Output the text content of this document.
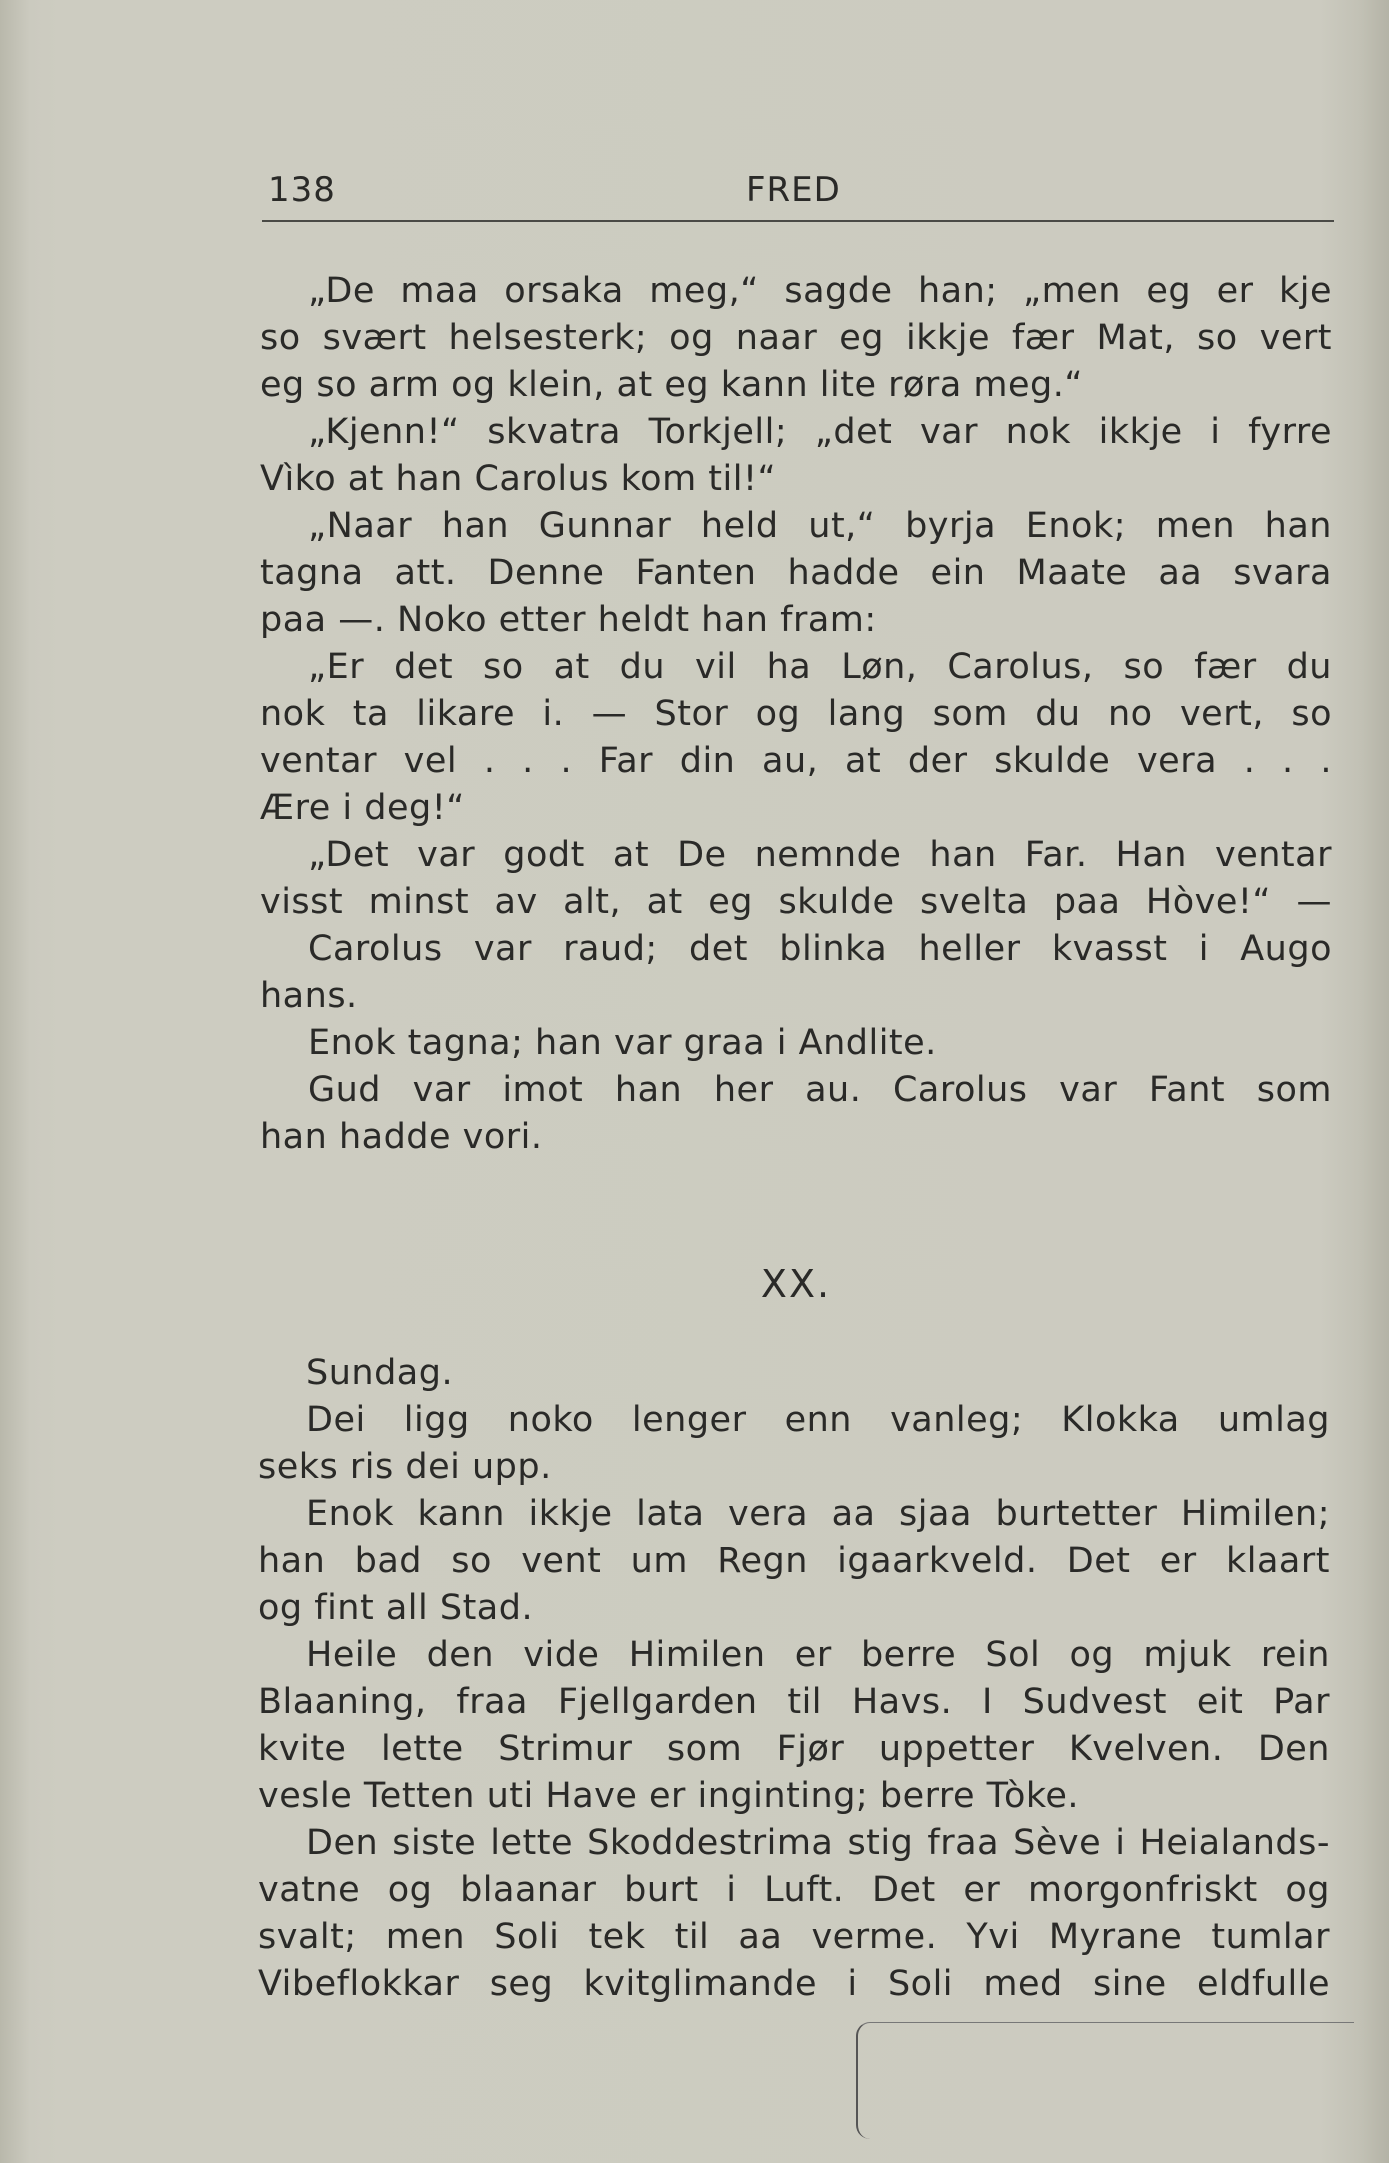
138	FRED
„De maa orsaka meg,“ sagde han; „men eg er kje
so svært helsesterk; og naar eg ikkje fær Mat, so vert
eg so arm og klein, at eg kann lite røra meg.“
„Kjenn!“ skvatra Torkjell; „det var nok ikkje i fyrre
Vìko at han Carolus kom til!“
„Naar han Gunnar held ut,“ byrja Enok; men han
tagna att. Denne Fanten hadde ein Maate aa svara
paa —. Noko etter heldt han fram:
„Er det so at du vil ha Løn, Carolus, so fær du
nok ta likare i. — Stor og lang som du no vert, so
ventar vel . . . Far din au, at der skulde vera . . .
Ære i deg!“
„Det var godt at De nemnde han Far. Han ventar
visst minst av alt, at eg skulde svelta paa Hòve!“ —
Carolus var raud; det blinka heller kvasst i Augo
hans.
Enok tagna; han var graa i Andlite.
Gud var imot han her au. Carolus var Fant som
han hadde vori.
XX.
Sundag.
Dei ligg noko lenger enn vanleg; Klokka umlag
seks ris dei upp.
Enok kann ikkje lata vera aa sjaa burtetter Himilen;
han bad so vent um Regn igaarkveld. Det er klaart
og fint all Stad.
Heile den vide Himilen er berre Sol og mjuk rein
Blaaning, fraa Fjellgarden til Havs. I Sudvest eit Par
kvite lette Strimur som Fjør uppetter Kvelven. Den
vesle Tetten uti Have er inginting; berre Tòke.
Den siste lette Skoddestrima stig fraa Sève i Heialands-
vatne og blaanar burt i Luft. Det er morgonfriskt og
svalt; men Soli tek til aa verme. Yvi Myrane tumlar
Vibeflokkar seg kvitglimande i Soli med sine eldfulle
